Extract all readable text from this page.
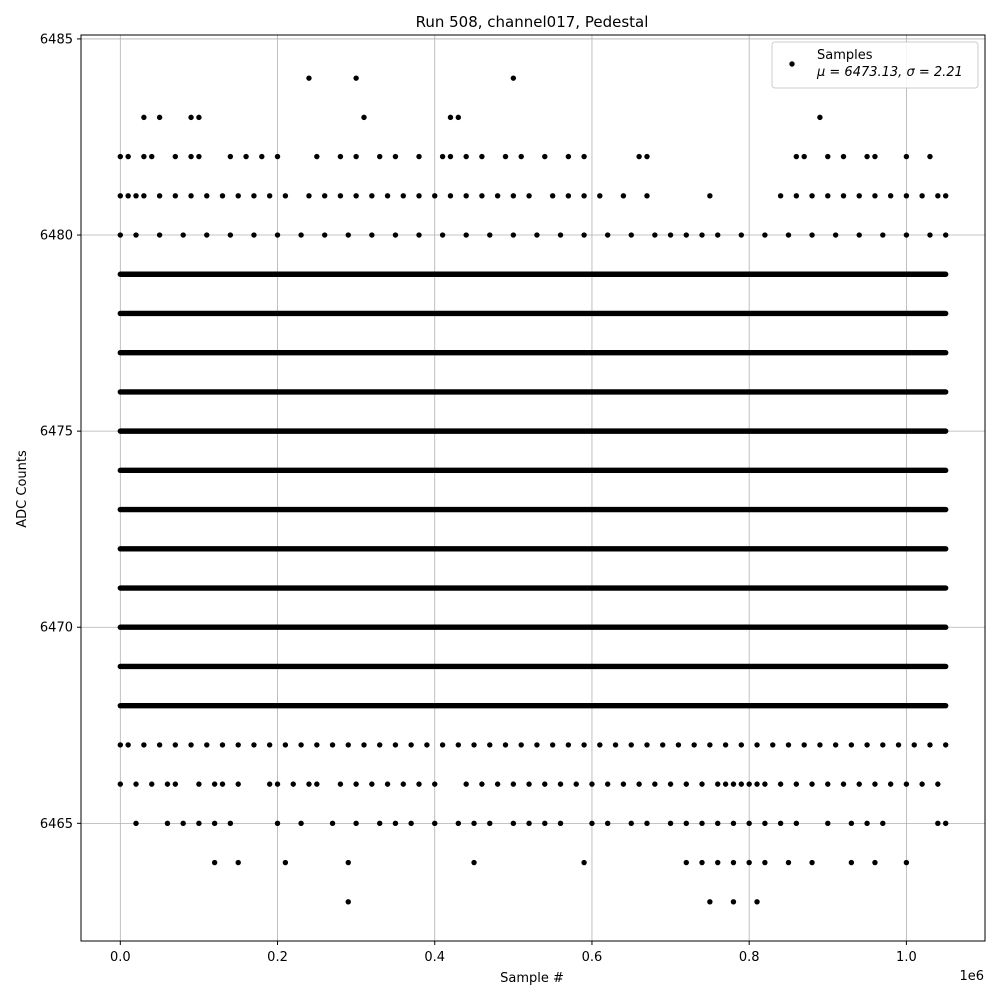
Run 508, channel017, Pedestal
0.0	0.2	0.4	0.6	0.8	1.0
6465
6470
6475
6480
6485
Sample #
ADC Counts
1e6
Samples
μ = 6473.13, σ = 2.21
